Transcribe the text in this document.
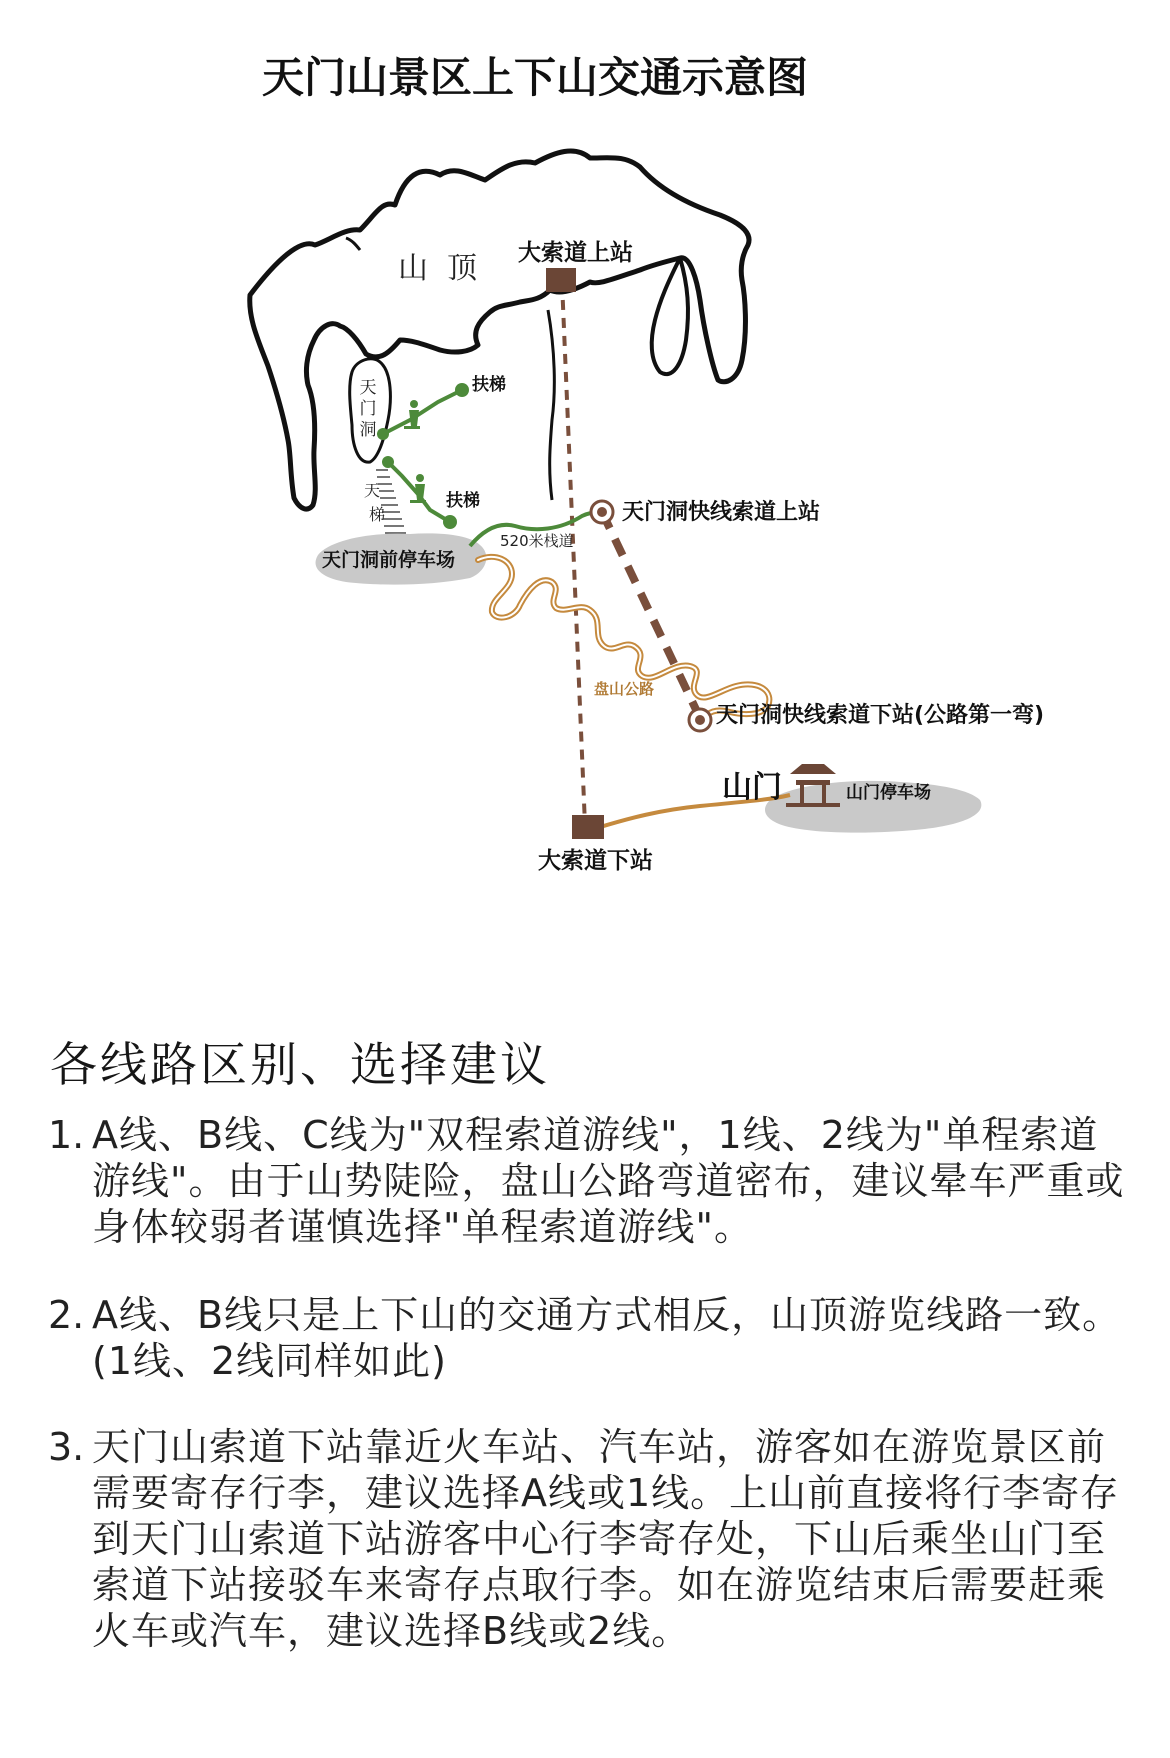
天门山景区上下山交通示意图
天
门
洞
天
梯
山  顶 大索道上站
扶梯
扶梯
天门洞前停车场
520米栈道
天门洞快线索道上站
盘山公路
天门洞快线索道下站(公路第一弯)
山门	山门停车场
大索道下站
各线路区别、选择建议

1. A线、B线、C线为"双程索道游线"，1线、2线为"单程索道游线"。由于山势陡险，盘山公路弯道密布，建议晕车严重或身体较弱者谨慎选择"单程索道游线"。

2. A线、B线只是上下山的交通方式相反，山顶游览线路一致。(1线、2线同样如此)

3. 天门山索道下站靠近火车站、汽车站，游客如在游览景区前需要寄存行李，建议选择A线或1线。上山前直接将行李寄存到天门山索道下站游客中心行李寄存处，下山后乘坐山门至索道下站接驳车来寄存点取行李。如在游览结束后需要赶乘火车或汽车，建议选择B线或2线。
